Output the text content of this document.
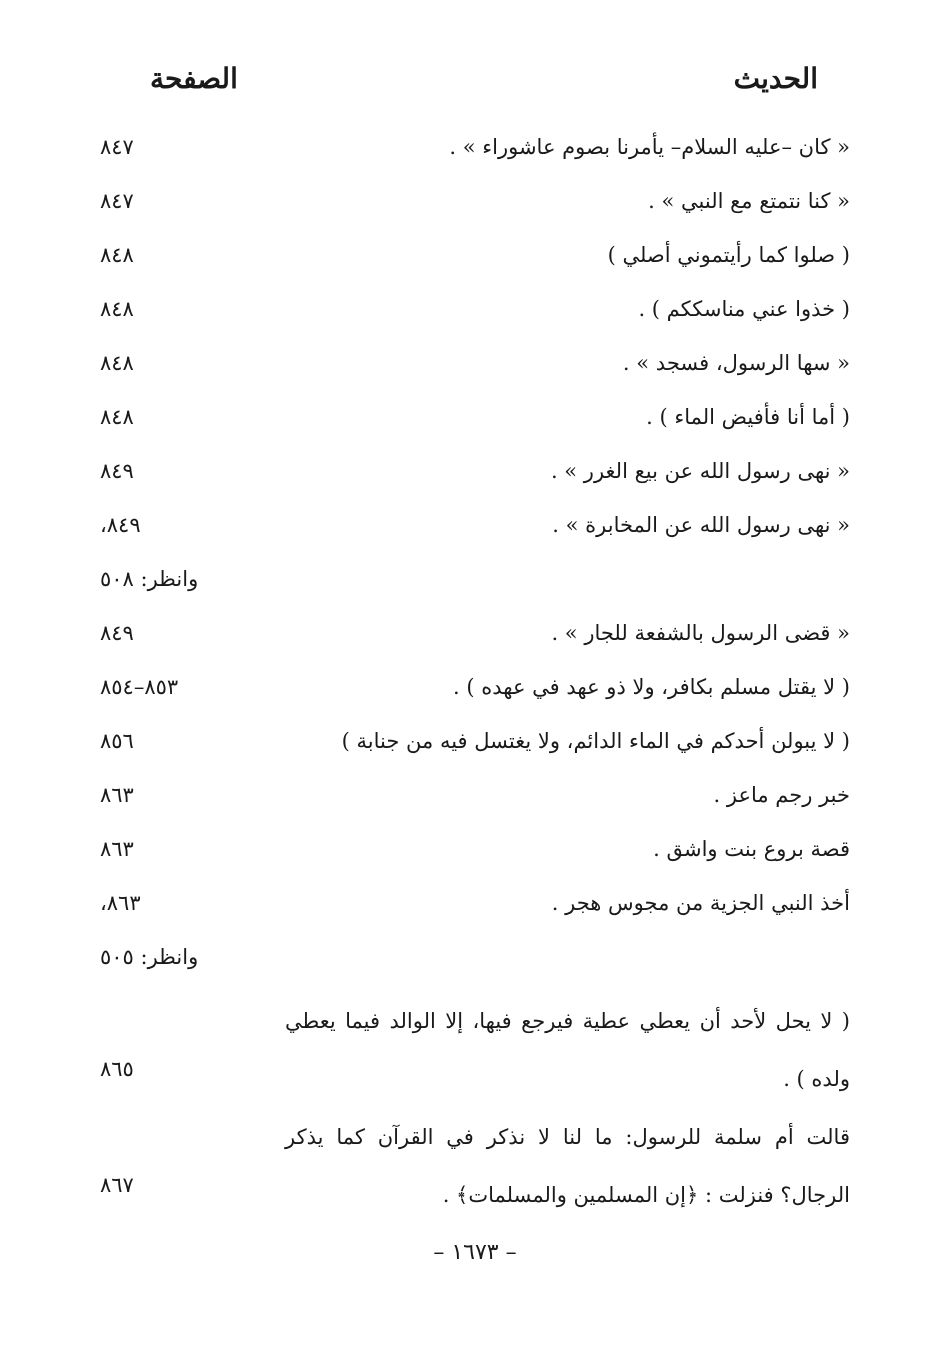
الحديث
الصفحة
« كان –عليه السلام– يأمرنا بصوم عاشوراء » .
٨٤٧
« كنا نتمتع مع النبي » .
٨٤٧
( صلوا كما رأيتموني أصلي )
٨٤٨
( خذوا عني مناسككم ) .
٨٤٨
« سها الرسول، فسجد » .
٨٤٨
( أما أنا فأفيض الماء ) .
٨٤٨
« نهى رسول الله عن بيع الغرر » .
٨٤٩
« نهى رسول الله عن المخابرة » .
٨٤٩،
وانظر: ٥٠٨
« قضى الرسول بالشفعة للجار » .
٨٤٩
( لا يقتل مسلم بكافر، ولا ذو عهد في عهده ) .
٨٥٣–٨٥٤
( لا يبولن أحدكم في الماء الدائم، ولا يغتسل فيه من جنابة )
٨٥٦
خبر رجم ماعز .
٨٦٣
قصة بروع بنت واشق .
٨٦٣
أخذ النبي الجزية من مجوس هجر .
٨٦٣،
وانظر: ٥٠٥
( لا يحل لأحد أن يعطي عطية فيرجع فيها، إلا الوالد فيما يعطي ولده ) .
٨٦٥
قالت أم سلمة للرسول: ما لنا لا نذكر في القرآن كما يذكر الرجال؟ فنزلت : ﴿إن المسلمين والمسلمات﴾ .
٨٦٧
– ١٦٧٣ –
